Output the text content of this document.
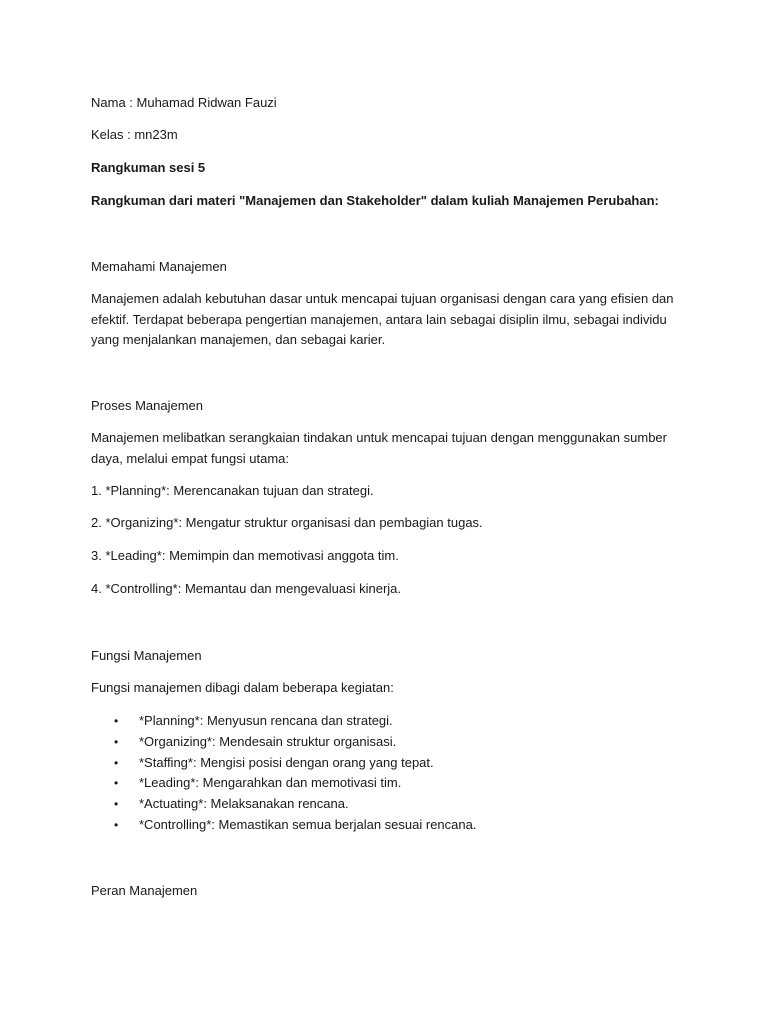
Nama : Muhamad Ridwan Fauzi
Kelas : mn23m
Rangkuman sesi 5
Rangkuman dari materi "Manajemen dan Stakeholder" dalam kuliah Manajemen Perubahan:
Memahami Manajemen
Manajemen adalah kebutuhan dasar untuk mencapai tujuan organisasi dengan cara yang efisien dan
efektif. Terdapat beberapa pengertian manajemen, antara lain sebagai disiplin ilmu, sebagai individu
yang menjalankan manajemen, dan sebagai karier.
Proses Manajemen
Manajemen melibatkan serangkaian tindakan untuk mencapai tujuan dengan menggunakan sumber
daya, melalui empat fungsi utama:
1. *Planning*: Merencanakan tujuan dan strategi.
2. *Organizing*: Mengatur struktur organisasi dan pembagian tugas.
3. *Leading*: Memimpin dan memotivasi anggota tim.
4. *Controlling*: Memantau dan mengevaluasi kinerja.
Fungsi Manajemen
Fungsi manajemen dibagi dalam beberapa kegiatan:
• *Planning*: Menyusun rencana dan strategi.
• *Organizing*: Mendesain struktur organisasi.
• *Staffing*: Mengisi posisi dengan orang yang tepat.
• *Leading*: Mengarahkan dan memotivasi tim.
• *Actuating*: Melaksanakan rencana.
• *Controlling*: Memastikan semua berjalan sesuai rencana.
Peran Manajemen
